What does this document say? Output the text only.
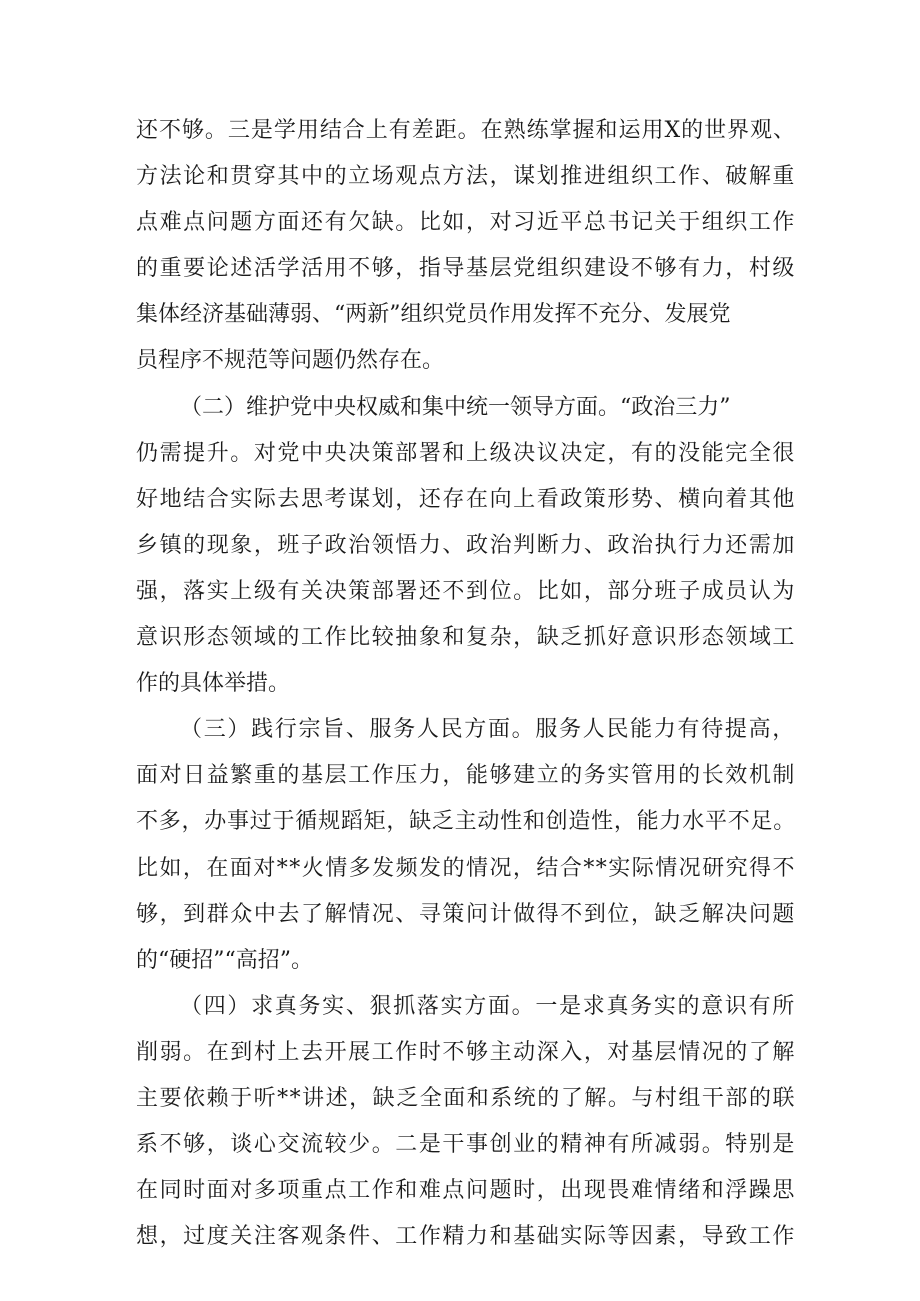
还不够。三是学用结合上有差距。在熟练掌握和运用X的世界观、
方法论和贯穿其中的立场观点方法，谋划推进组织工作、破解重
点难点问题方面还有欠缺。比如，对习近平总书记关于组织工作
的重要论述活学活用不够，指导基层党组织建设不够有力，村级
集体经济基础薄弱、“两新”组织党员作用发挥不充分、发展党
员程序不规范等问题仍然存在。
（二）维护党中央权威和集中统一领导方面。“政治三力”
仍需提升。对党中央决策部署和上级决议决定，有的没能完全很
好地结合实际去思考谋划，还存在向上看政策形势、横向着其他
乡镇的现象，班子政治领悟力、政治判断力、政治执行力还需加
强，落实上级有关决策部署还不到位。比如，部分班子成员认为
意识形态领域的工作比较抽象和复杂，缺乏抓好意识形态领域工
作的具体举措。
（三）践行宗旨、服务人民方面。服务人民能力有待提高，
面对日益繁重的基层工作压力，能够建立的务实管用的长效机制
不多，办事过于循规蹈矩，缺乏主动性和创造性，能力水平不足。
比如，在面对**火情多发频发的情况，结合**实际情况研究得不
够，到群众中去了解情况、寻策问计做得不到位，缺乏解决问题
的“硬招”“高招”。
（四）求真务实、狠抓落实方面。一是求真务实的意识有所
削弱。在到村上去开展工作时不够主动深入，对基层情况的了解
主要依赖于听**讲述，缺乏全面和系统的了解。与村组干部的联
系不够，谈心交流较少。二是干事创业的精神有所减弱。特别是
在同时面对多项重点工作和难点问题时，出现畏难情绪和浮躁思
想，过度关注客观条件、工作精力和基础实际等因素，导致工作
